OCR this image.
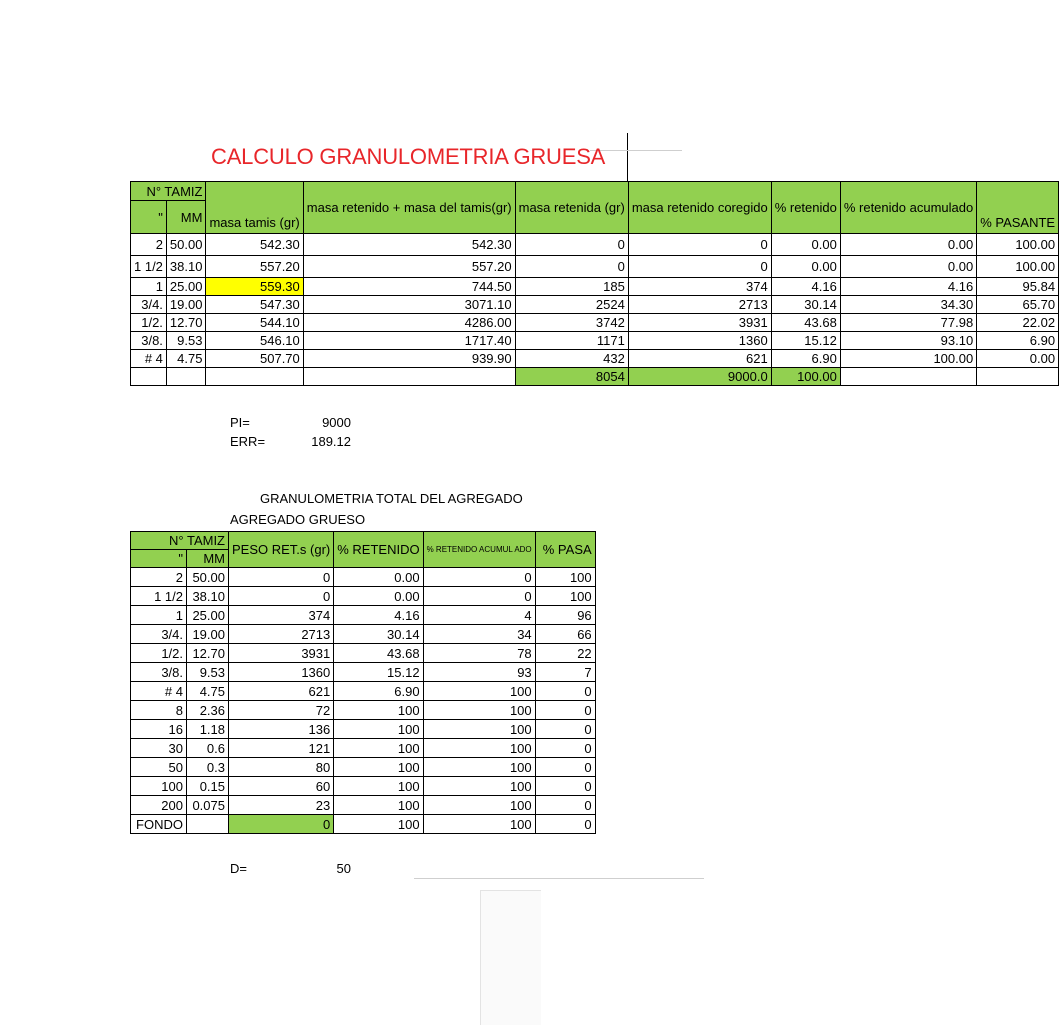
CALCULO GRANULOMETRIA GRUESA
N° TAMIZ		masa tamis (gr)	masa retenido + masa del tamis(gr)	masa retenida (gr)	masa retenido coregido	% retenido	% retenido acumulado	% PASANTE
"	MM							
2	50.00	542.30	542.30	0	0	0.00	0.00	100.00
1 1/2	38.10	557.20	557.20	0	0	0.00	0.00	100.00
1	25.00	559.30	744.50	185	374	4.16	4.16	95.84
3/4.	19.00	547.30	3071.10	2524	2713	30.14	34.30	65.70
1/2.	12.70	544.10	4286.00	3742	3931	43.68	77.98	22.02
3/8.	9.53	546.10	1717.40	1171	1360	15.12	93.10	6.90
# 4	4.75	507.70	939.90	432	621	6.90	100.00	0.00
				8054	9000.0	100.00		
PI=	9000
ERR=	189.12
GRANULOMETRIA TOTAL DEL AGREGADO
AGREGADO GRUESO
N° TAMIZ		PESO RET.s (gr)	% RETENIDO	% RETENIDO ACUMUL ADO	% PASA
"	MM				
2	50.00	0	0.00	0	100
1 1/2	38.10	0	0.00	0	100
1	25.00	374	4.16	4	96
3/4.	19.00	2713	30.14	34	66
1/2.	12.70	3931	43.68	78	22
3/8.	9.53	1360	15.12	93	7
# 4	4.75	621	6.90	100	0
8	2.36	72	100	100	0
16	1.18	136	100	100	0
30	0.6	121	100	100	0
50	0.3	80	100	100	0
100	0.15	60	100	100	0
200	0.075	23	100	100	0
FONDO		0	100	100	0
D=	50
